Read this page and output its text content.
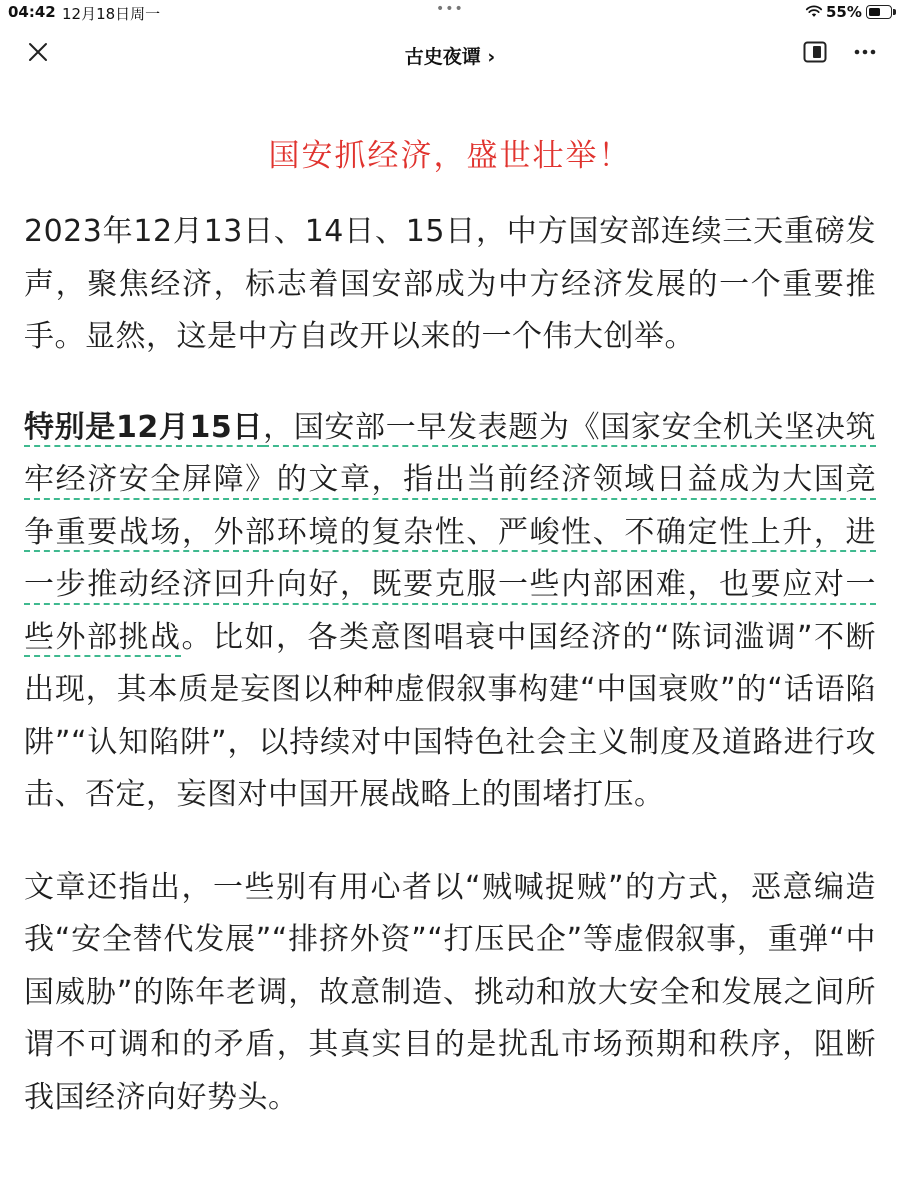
04:42 12月18日周一	•••	55%
古史夜谭 ›
国安抓经济，盛世壮举！

2023年12月13日、14日、15日，中方国安部连续三天重磅发声，聚焦经济，标志着国安部成为中方经济发展的一个重要推手。显然，这是中方自改开以来的一个伟大创举。

特别是12月15日，国安部一早发表题为《国家安全机关坚决筑牢经济安全屏障》的文章，指出当前经济领域日益成为大国竞争重要战场，外部环境的复杂性、严峻性、不确定性上升，进一步推动经济回升向好，既要克服一些内部困难，也要应对一些外部挑战。比如，各类意图唱衰中国经济的“陈词滥调”不断出现，其本质是妄图以种种虚假叙事构建“中国衰败”的“话语陷阱”“认知陷阱”，以持续对中国特色社会主义制度及道路进行攻击、否定，妄图对中国开展战略上的围堵打压。

文章还指出，一些别有用心者以“贼喊捉贼”的方式，恶意编造我“安全替代发展”“排挤外资”“打压民企”等虚假叙事，重弹“中国威胁”的陈年老调，故意制造、挑动和放大安全和发展之间所谓不可调和的矛盾，其真实目的是扰乱市场预期和秩序，阻断我国经济向好势头。
